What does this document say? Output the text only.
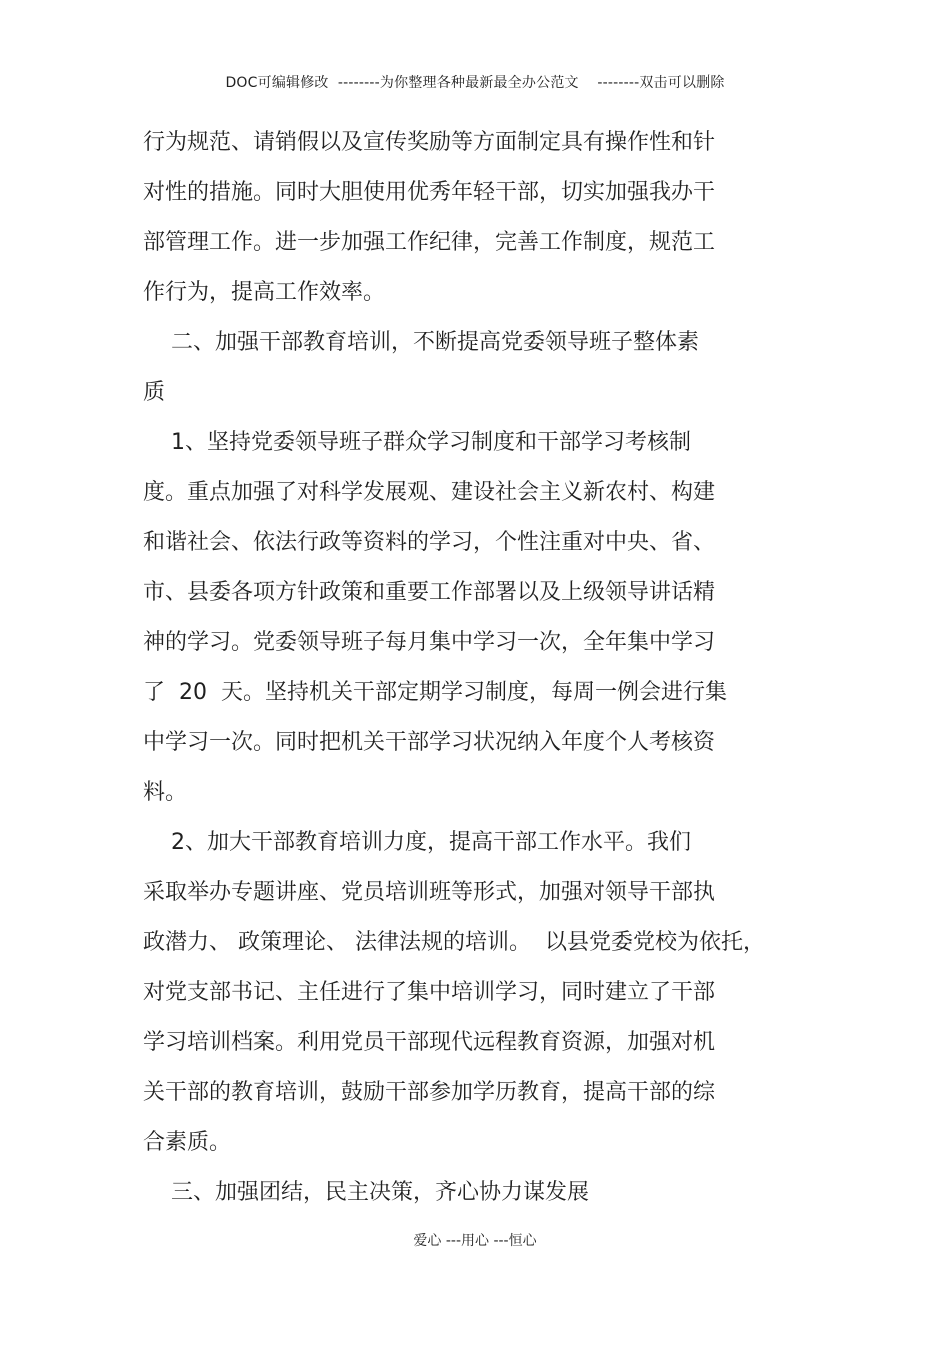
DOC可编辑修改  --------为你整理各种最新最全办公范文    --------双击可以删除
行为规范、请销假以及宣传奖励等方面制定具有操作性和针
对性的措施。同时大胆使用优秀年轻干部，切实加强我办干
部管理工作。进一步加强工作纪律，完善工作制度，规范工
作行为，提高工作效率。
二、加强干部教育培训，不断提高党委领导班子整体素
质
1、坚持党委领导班子群众学习制度和干部学习考核制
度。重点加强了对科学发展观、建设社会主义新农村、构建
和谐社会、依法行政等资料的学习，个性注重对中央、省、
市、县委各项方针政策和重要工作部署以及上级领导讲话精
神的学习。党委领导班子每月集中学习一次，全年集中学习
了  20  天。坚持机关干部定期学习制度，每周一例会进行集
中学习一次。同时把机关干部学习状况纳入年度个人考核资
料。
2、加大干部教育培训力度，提高干部工作水平。我们
采取举办专题讲座、党员培训班等形式，加强对领导干部执
政潜力、 政策理论、 法律法规的培训。  以县党委党校为依托，
对党支部书记、主任进行了集中培训学习，同时建立了干部
学习培训档案。利用党员干部现代远程教育资源，加强对机
关干部的教育培训，鼓励干部参加学历教育，提高干部的综
合素质。
三、加强团结，民主决策，齐心协力谋发展
爱心 ---用心 ---恒心
